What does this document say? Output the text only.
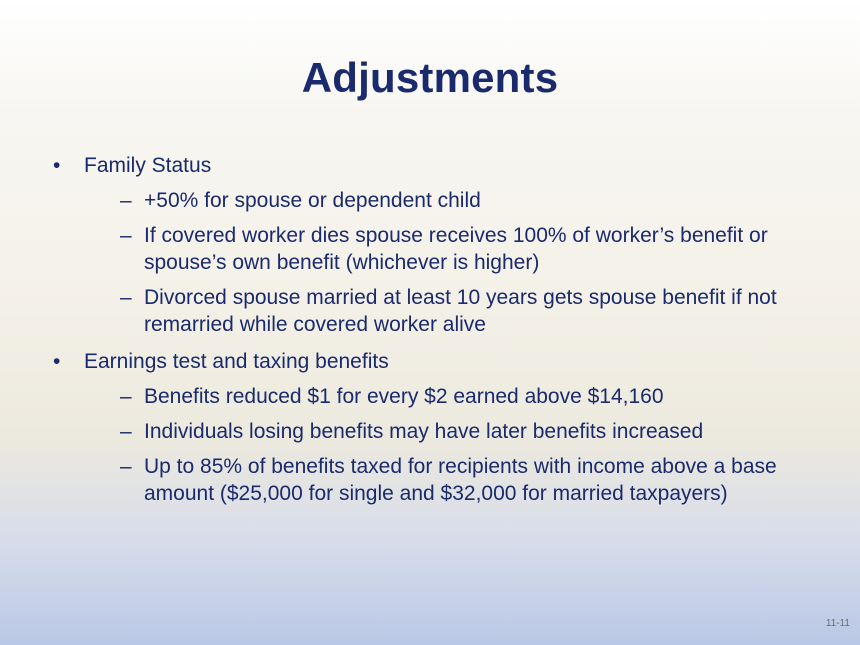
Adjustments
• Family Status
– +50% for spouse or dependent child
– If covered worker dies spouse receives 100% of worker’s benefit or spouse’s own benefit (whichever is higher)
– Divorced spouse married at least 10 years gets spouse benefit if not remarried while covered worker alive
• Earnings test and taxing benefits
– Benefits reduced $1 for every $2 earned above $14,160
– Individuals losing benefits may have later benefits increased
– Up to 85% of benefits taxed for recipients with income above a base amount ($25,000 for single and $32,000 for married taxpayers)
11-11
